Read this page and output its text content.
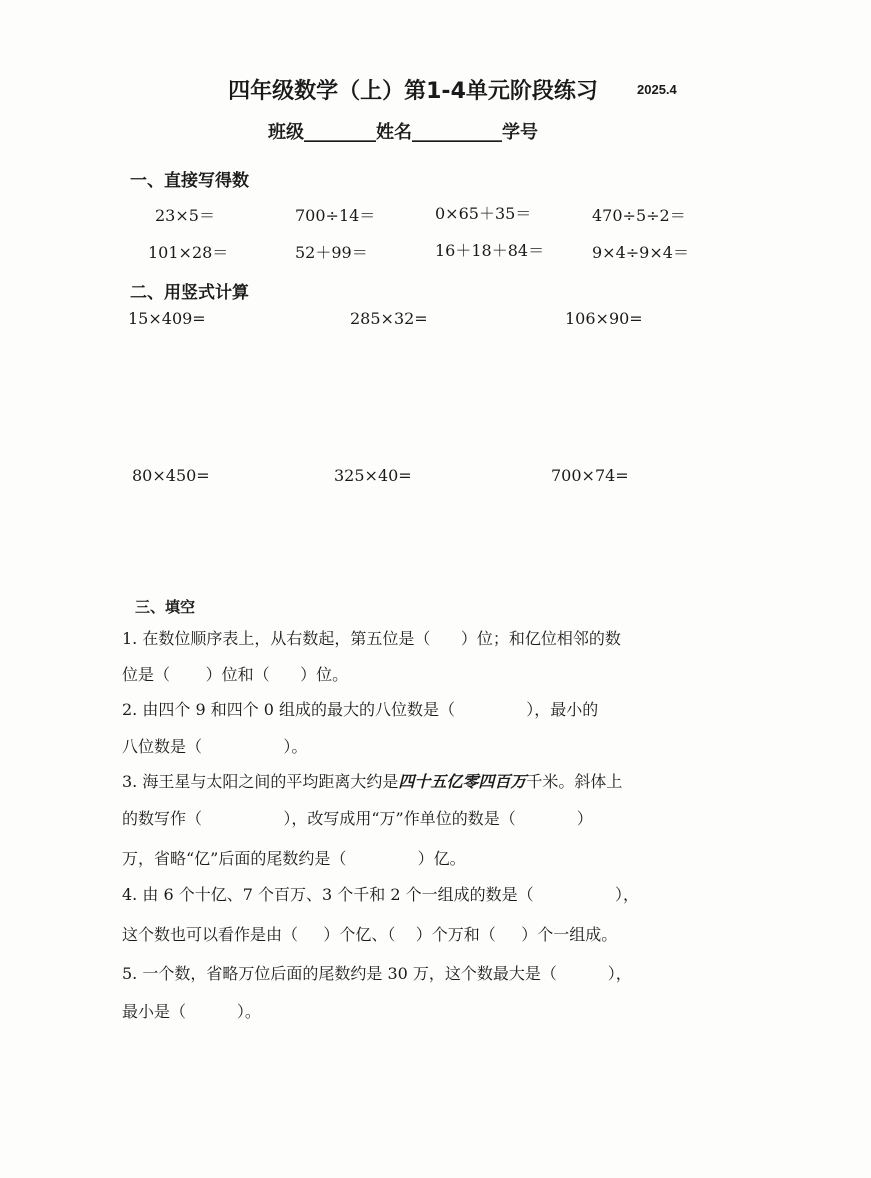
四年级数学（上）第1-4单元阶段练习	2025.4
班级________姓名__________学号
一、直接写得数
23×5＝	700÷14＝	0×65＋35＝	470÷5÷2＝
101×28＝	52＋99＝	16＋18＋84＝	9×4÷9×4＝
二、用竖式计算
15×409=	285×32=	106×90=
80×450=	325×40=	700×74=
三、填空
1. 在数位顺序表上，从右数起，第五位是（      ）位；和亿位相邻的数
位是（       ）位和（      ）位。
2. 由四个 9 和四个 0 组成的最大的八位数是（              ），最小的
八位数是（                ）。
3. 海王星与太阳之间的平均距离大约是四十五亿零四百万千米。斜体上
的数写作（                ），改写成用“万”作单位的数是（            ）
万，省略“亿”后面的尾数约是（              ）亿。
4. 由 6 个十亿、7 个百万、3 个千和 2 个一组成的数是（                ），
这个数也可以看作是由（     ）个亿、（    ）个万和（     ）个一组成。
5. 一个数，省略万位后面的尾数约是 30 万，这个数最大是（          ），
最小是（          ）。
